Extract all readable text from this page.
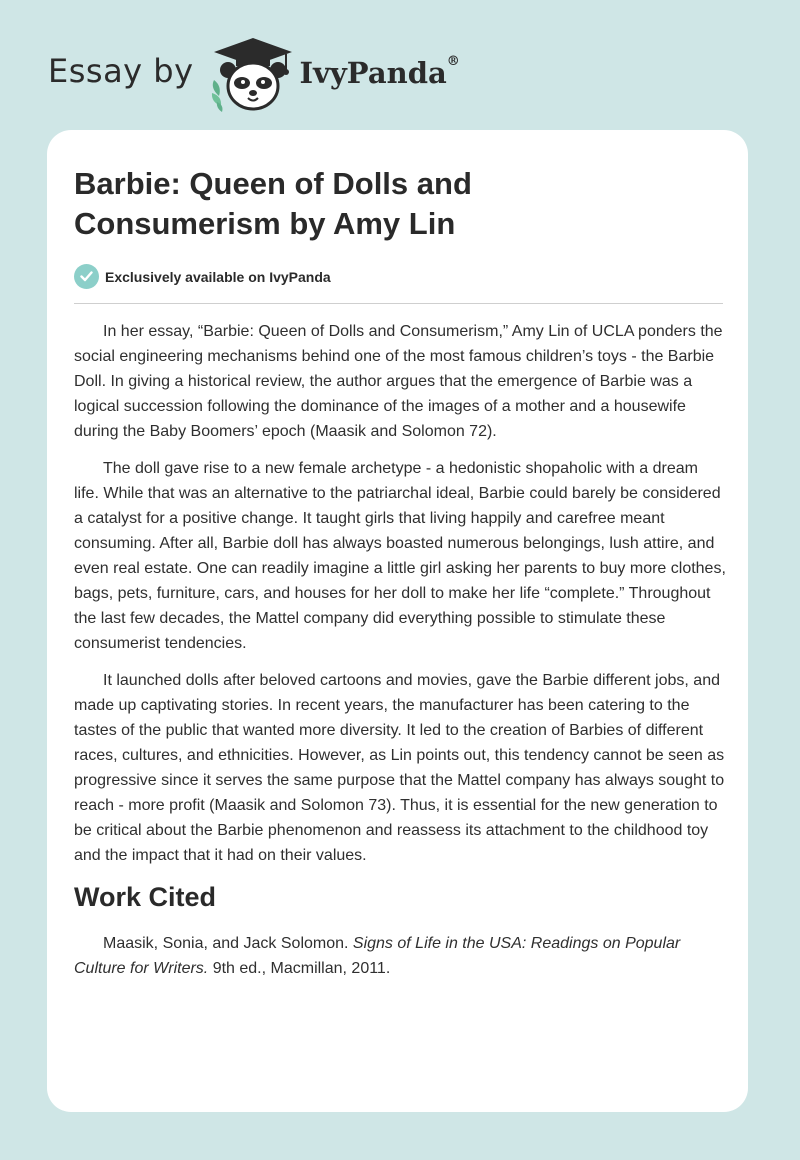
Essay by	IvyPanda®
Barbie: Queen of Dolls and Consumerism by Amy Lin
Exclusively available on IvyPanda

In her essay, “Barbie: Queen of Dolls and Consumerism,” Amy Lin of UCLA ponders the social engineering mechanisms behind one of the most famous children’s toys - the Barbie Doll. In giving a historical review, the author argues that the emergence of Barbie was a logical succession following the dominance of the images of a mother and a housewife during the Baby Boomers’ epoch (Maasik and Solomon 72).

The doll gave rise to a new female archetype - a hedonistic shopaholic with a dream life. While that was an alternative to the patriarchal ideal, Barbie could barely be considered a catalyst for a positive change. It taught girls that living happily and carefree meant consuming. After all, Barbie doll has always boasted numerous belongings, lush attire, and even real estate. One can readily imagine a little girl asking her parents to buy more clothes, bags, pets, furniture, cars, and houses for her doll to make her life “complete.” Throughout the last few decades, the Mattel company did everything possible to stimulate these consumerist tendencies.

It launched dolls after beloved cartoons and movies, gave the Barbie different jobs, and made up captivating stories. In recent years, the manufacturer has been catering to the tastes of the public that wanted more diversity. It led to the creation of Barbies of different races, cultures, and ethnicities. However, as Lin points out, this tendency cannot be seen as progressive since it serves the same purpose that the Mattel company has always sought to reach - more profit (Maasik and Solomon 73). Thus, it is essential for the new generation to be critical about the Barbie phenomenon and reassess its attachment to the childhood toy and the impact that it had on their values.

Work Cited

Maasik, Sonia, and Jack Solomon. Signs of Life in the USA: Readings on Popular Culture for Writers. 9th ed., Macmillan, 2011.
